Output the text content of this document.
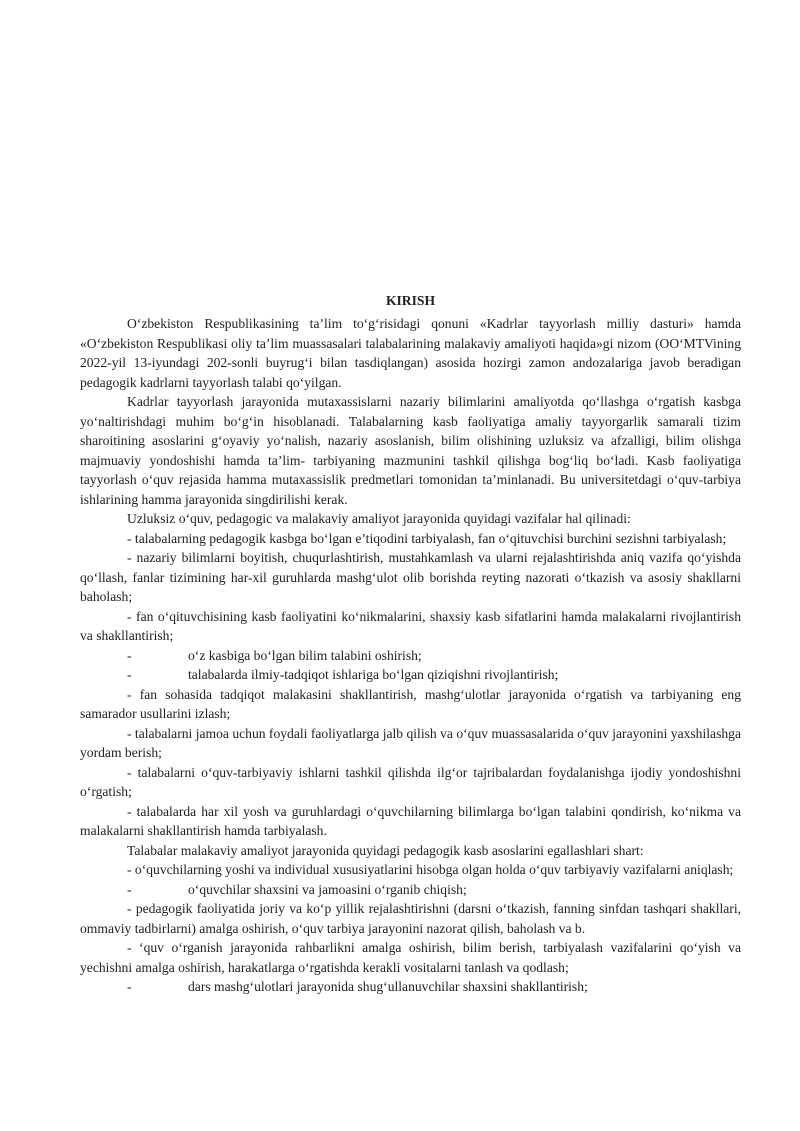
KIRISH

O‘zbekiston Respublikasining ta’lim to‘g‘risidagi qonuni «Kadrlar tayyorlash milliy dasturi» hamda «O‘zbekiston Respublikasi oliy ta’lim muassasalari talabalarining malakaviy amaliyoti haqida»gi nizom (OO‘MTVining 2022-yil 13-iyundagi 202-sonli buyrug‘i bilan tasdiqlangan) asosida hozirgi zamon andozalariga javob beradigan pedagogik kadrlarni tayyorlash talabi qo‘yilgan.

Kadrlar tayyorlash jarayonida mutaxassislarni nazariy bilimlarini amaliyotda qo‘llashga o‘rgatish kasbga yo‘naltirishdagi muhim bo‘g‘in hisoblanadi. Talabalarning kasb faoliyatiga amaliy tayyorgarlik samarali tizim sharoitining asoslarini g‘oyaviy yo‘nalish, nazariy asoslanish, bilim olishining uzluksiz va afzalligi, bilim olishga majmuaviy yondoshishi hamda ta’lim- tarbiyaning mazmunini tashkil qilishga bog‘liq bo‘ladi. Kasb faoliyatiga tayyorlash o‘quv rejasida hamma mutaxassislik predmetlari tomonidan ta’minlanadi. Bu universitetdagi o‘quv-tarbiya ishlarining hamma jarayonida singdirilishi kerak.

Uzluksiz o‘quv, pedagogic va malakaviy amaliyot jarayonida quyidagi vazifalar hal qilinadi:

- talabalarning pedagogik kasbga bo‘lgan e’tiqodini tarbiyalash, fan o‘qituvchisi burchini sezishni tarbiyalash;

- nazariy bilimlarni boyitish, chuqurlashtirish, mustahkamlash va ularni rejalashtirishda aniq vazifa qo‘yishda qo‘llash, fanlar tizimining har-xil guruhlarda mashg‘ulot olib borishda reyting nazorati o‘tkazish va asosiy shakllarni baholash;

- fan o‘qituvchisining kasb faoliyatini ko‘nikmalarini, shaxsiy kasb sifatlarini hamda malakalarni rivojlantirish va shakllantirish;

-	o‘z kasbiga bo‘lgan bilim talabini oshirish;

-	talabalarda ilmiy-tadqiqot ishlariga bo‘lgan qiziqishni rivojlantirish;

- fan sohasida tadqiqot malakasini shakllantirish, mashg‘ulotlar jarayonida o‘rgatish va tarbiyaning eng samarador usullarini izlash;

- talabalarni jamoa uchun foydali faoliyatlarga jalb qilish va o‘quv muassasalarida o‘quv jarayonini yaxshilashga yordam berish;

- talabalarni o‘quv-tarbiyaviy ishlarni tashkil qilishda ilg‘or tajribalardan foydalanishga ijodiy yondoshishni o‘rgatish;

- talabalarda har xil yosh va guruhlardagi o‘quvchilarning bilimlarga bo‘lgan talabini qondirish, ko‘nikma va malakalarni shakllantirish hamda tarbiyalash.

Talabalar malakaviy amaliyot jarayonida quyidagi pedagogik kasb asoslarini egallashlari shart:

- o‘quvchilarning yoshi va individual xususiyatlarini hisobga olgan holda o‘quv tarbiyaviy vazifalarni aniqlash;

-	o‘quvchilar shaxsini va jamoasini o‘rganib chiqish;

- pedagogik faoliyatida joriy va ko‘p yillik rejalashtirishni (darsni o‘tkazish, fanning sinfdan tashqari shakllari, ommaviy tadbirlarni) amalga oshirish, o‘quv tarbiya jarayonini nazorat qilish, baholash va b.

- ‘quv o‘rganish jarayonida rahbarlikni amalga oshirish, bilim berish, tarbiyalash vazifalarini qo‘yish va yechishni amalga oshirish, harakatlarga o‘rgatishda kerakli vositalarni tanlash va qodlash;

-	dars mashg‘ulotlari jarayonida shug‘ullanuvchilar shaxsini shakllantirish;
